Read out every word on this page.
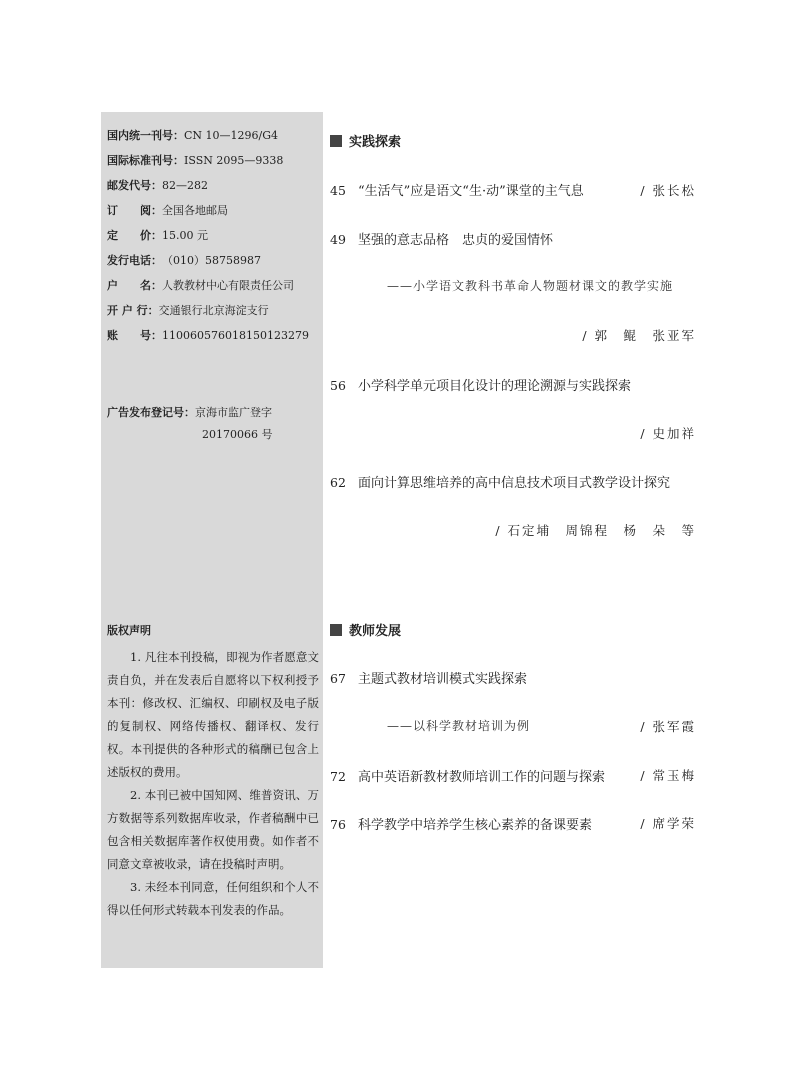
国内统一刊号：CN 10—1296/G4
国际标准刊号：ISSN 2095—9338
邮发代号：82—282
订　　阅：全国各地邮局
定　　价：15.00 元
发行电话：（010）58758987
户　　名：人教教材中心有限责任公司
开 户 行：交通银行北京海淀支行
账　　号：110060576018150123279
广告发布登记号：京海市监广登字
20170066 号
版权声明

1. 凡往本刊投稿，即视为作者愿意文责自负，并在发表后自愿将以下权利授予本刊：修改权、汇编权、印刷权及电子版的复制权、网络传播权、翻译权、发行权。本刊提供的各种形式的稿酬已包含上述版权的费用。

2. 本刊已被中国知网、维普资讯、万方数据等系列数据库收录，作者稿酬中已包含相关数据库著作权使用费。如作者不同意文章被收录，请在投稿时声明。

3. 未经本刊同意，任何组织和个人不得以任何形式转载本刊发表的作品。

实践探索
45 “生活气”应是语文“生·动”课堂的主气息	/ 张长松
49 坚强的意志品格　忠贞的爱国情怀
——小学语文教科书革命人物题材课文的教学实施
/ 郭　鲲　张亚军
56 小学科学单元项目化设计的理论溯源与实践探索
/ 史加祥
62 面向计算思维培养的高中信息技术项目式教学设计探究
/ 石定埔　周锦程　杨　朵　等
教师发展
67 主题式教材培训模式实践探索
——以科学教材培训为例	/ 张军霞
72 高中英语新教材教师培训工作的问题与探索	/ 常玉梅
76 科学教学中培养学生核心素养的备课要素	/ 席学荣
